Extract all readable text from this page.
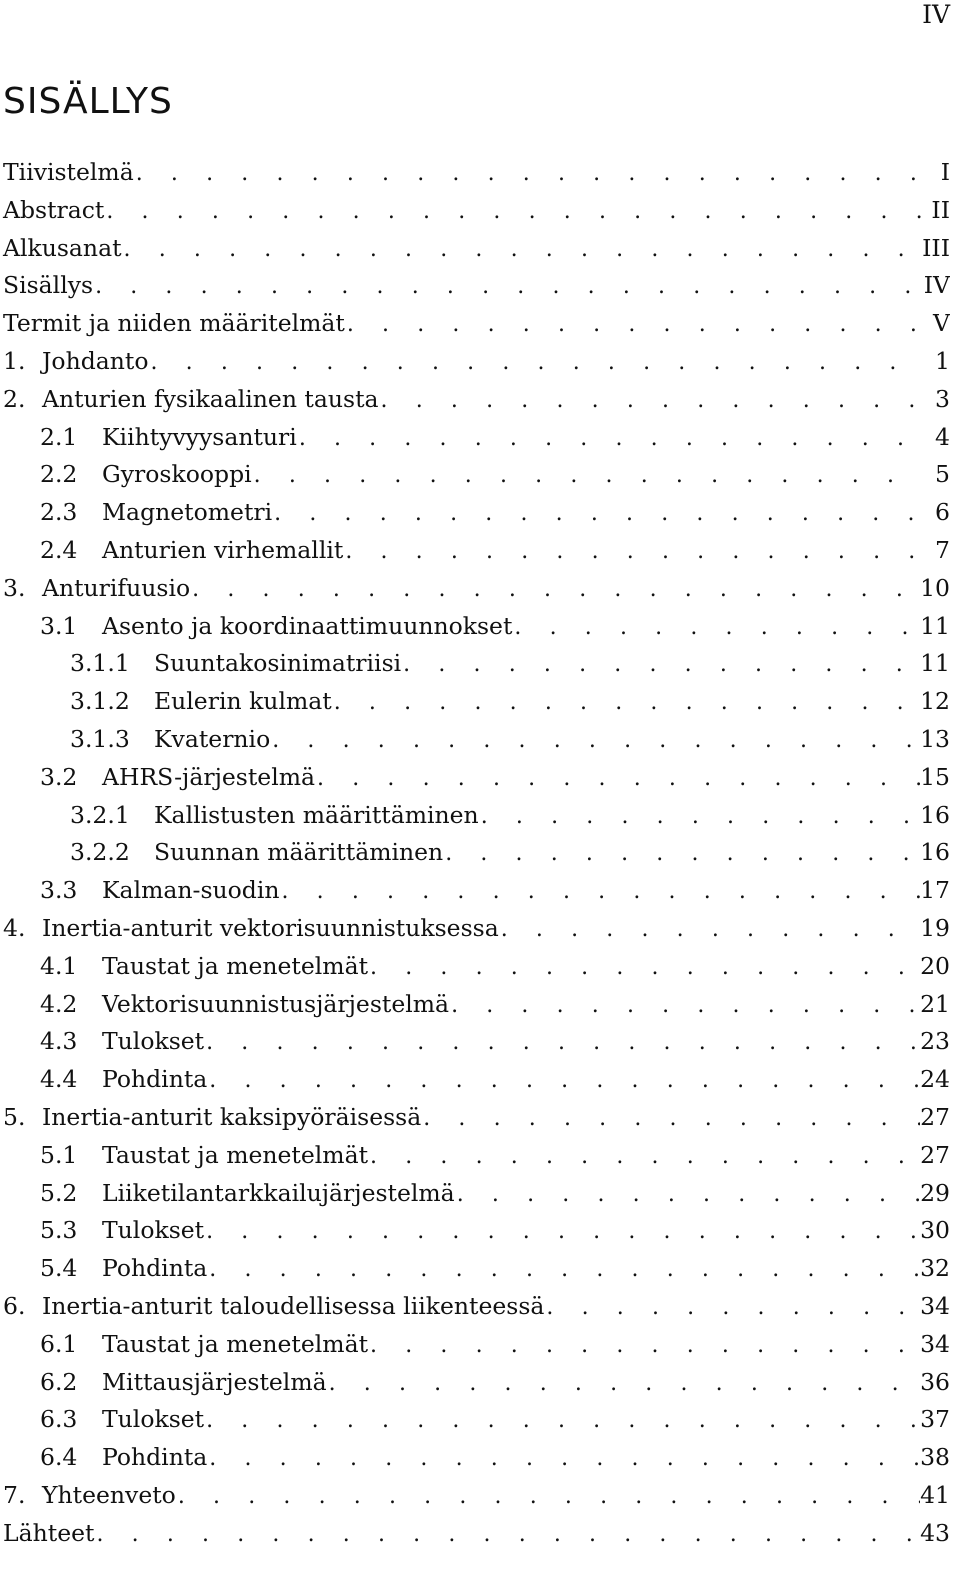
IV
SISÄLLYS
Tiivistelmä . . .	I
Abstract . . .	II
Alkusanat . . .	III
Sisällys . . .	IV
Termit ja niiden määritelmät . . .	V
1. Johdanto . . .	1
2. Anturien fysikaalinen tausta . . .	3
2.1	Kiihtyvyysanturi . . .	4
2.2	Gyroskooppi . . .	5
2.3	Magnetometri . . .	6
2.4	Anturien virhemallit . . .	7
3. Anturifuusio . . .	10
3.1	Asento ja koordinaattimuunnokset . . .	11
3.1.1	Suuntakosinimatriisi . . .	11
3.1.2	Eulerin kulmat . . .	12
3.1.3	Kvaternio . . .	13
3.2	AHRS-järjestelmä . . .	15
3.2.1	Kallistusten määrittäminen . . .	16
3.2.2	Suunnan määrittäminen . . .	16
3.3	Kalman-suodin . . .	17
4. Inertia-anturit vektorisuunnistuksessa . . .	19
4.1	Taustat ja menetelmät . . .	20
4.2	Vektorisuunnistusjärjestelmä . . .	21
4.3	Tulokset . . .	23
4.4	Pohdinta . . .	24
5. Inertia-anturit kaksipyöräisessä . . .	27
5.1	Taustat ja menetelmät . . .	27
5.2	Liiketilantarkkailujärjestelmä . . .	29
5.3	Tulokset . . .	30
5.4	Pohdinta . . .	32
6. Inertia-anturit taloudellisessa liikenteessä . . .	34
6.1	Taustat ja menetelmät . . .	34
6.2	Mittausjärjestelmä . . .	36
6.3	Tulokset . . .	37
6.4	Pohdinta . . .	38
7. Yhteenveto . . .	41
Lähteet . . .	43
